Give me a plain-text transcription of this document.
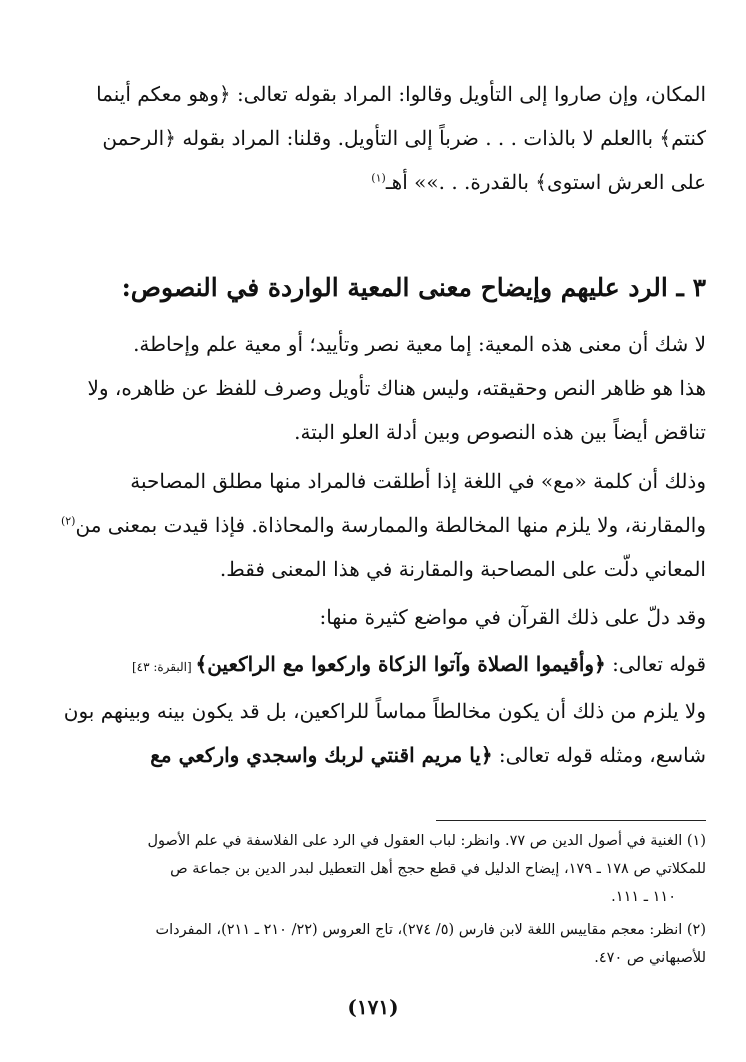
المكان، وإن صاروا إلى التأويل وقالوا: المراد بقوله تعالى: ﴿وهو معكم أينما
كنتم﴾ باالعلم لا بالذات . . . ضرباً إلى التأويل. وقلنا: المراد بقوله ﴿الرحمن
على العرش استوى﴾ بالقدرة. . .»» أهـ$^{(١)}$
٣ ـ الرد عليهم وإيضاح معنى المعية الواردة في النصوص:
لا شك أن معنى هذه المعية: إما معية نصر وتأييد؛ أو معية علم وإحاطة.
هذا هو ظاهر النص وحقيقته، وليس هناك تأويل وصرف للفظ عن ظاهره، ولا
تناقض أيضاً بين هذه النصوص وبين أدلة العلو البتة.
وذلك أن كلمة «مع» في اللغة إذا أطلقت فالمراد منها مطلق المصاحبة
والمقارنة، ولا يلزم منها المخالطة والممارسة والمحاذاة. فإذا قيدت بمعنى من$^{(٢)}$
المعاني دلّت على المصاحبة والمقارنة في هذا المعنى فقط.
وقد دلّ على ذلك القرآن في مواضع كثيرة منها:
قوله تعالى: ﴿وأقيموا الصلاة وآتوا الزكاة واركعوا مع الراكعين﴾ [البقرة: ٤٣]
ولا يلزم من ذلك أن يكون مخالطاً مماساً للراكعين، بل قد يكون بينه وبينهم بون
شاسع، ومثله قوله تعالى: ﴿يا مريم اقنتي لربك واسجدي واركعي مع
(١) الغنية في أصول الدين ص ٧٧. وانظر: لباب العقول في الرد على الفلاسفة في علم الأصول
للمكلاتي ص ١٧٨ ـ ١٧٩، إيضاح الدليل في قطع حجج أهل التعطيل لبدر الدين بن جماعة ص
١١٠ ـ ١١١.
(٢) انظر: معجم مقاييس اللغة لابن فارس (٥/ ٢٧٤)، تاج العروس (٢٢/ ٢١٠ ـ ٢١١)، المفردات
للأصبهاني ص ٤٧٠.
(١٧١)
